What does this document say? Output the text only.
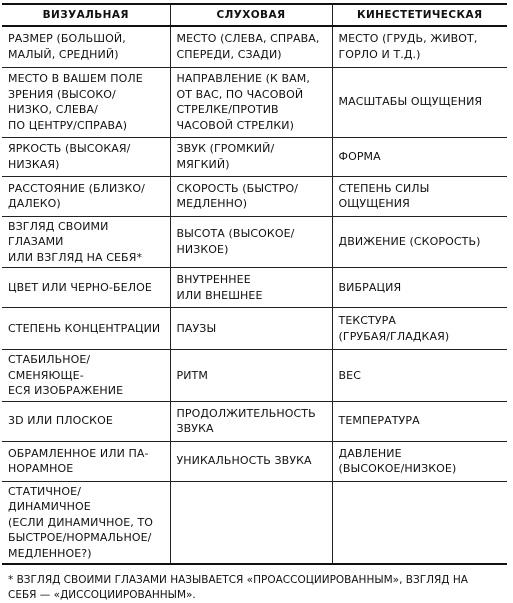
ВИЗУАЛЬНАЯ	СЛУХОВАЯ	КИНЕСТЕТИЧЕСКАЯ

РАЗМЕР (БОЛЬШОЙ,
МАЛЫЙ, СРЕДНИЙ)	МЕСТО (СЛЕВА, СПРАВА,
СПЕРЕДИ, СЗАДИ)	МЕСТО (ГРУДЬ, ЖИВОТ,
ГОРЛО И Т.Д.)

МЕСТО В ВАШЕМ ПОЛЕ
ЗРЕНИЯ (ВЫСОКО/
НИЗКО, СЛЕВА/
ПО ЦЕНТРУ/СПРАВА)	НАПРАВЛЕНИЕ (К ВАМ,
ОТ ВАС, ПО ЧАСОВОЙ
СТРЕЛКЕ/ПРОТИВ
ЧАСОВОЙ СТРЕЛКИ)	МАСШТАБЫ ОЩУЩЕНИЯ

ЯРКОСТЬ (ВЫСОКАЯ/
НИЗКАЯ)	ЗВУК (ГРОМКИЙ/МЯГКИЙ)	ФОРМА

РАССТОЯНИЕ (БЛИЗКО/
ДАЛЕКО)	СКОРОСТЬ (БЫСТРО/
МЕДЛЕННО)	СТЕПЕНЬ СИЛЫ
ОЩУЩЕНИЯ

ВЗГЛЯД СВОИМИ ГЛАЗАМИ
ИЛИ ВЗГЛЯД НА СЕБЯ*	ВЫСОТА (ВЫСОКОЕ/
НИЗКОЕ)	ДВИЖЕНИЕ (СКОРОСТЬ)

ЦВЕТ ИЛИ ЧЕРНО-БЕЛОЕ	ВНУТРЕННЕЕ
ИЛИ ВНЕШНЕЕ	ВИБРАЦИЯ

СТЕПЕНЬ КОНЦЕНТРАЦИИ	ПАУЗЫ	ТЕКСТУРА
(ГРУБАЯ/ГЛАДКАЯ)

СТАБИЛЬНОЕ/СМЕНЯЮЩЕ-
ЕСЯ ИЗОБРАЖЕНИЕ	РИТМ	ВЕС

3D ИЛИ ПЛОСКОЕ	ПРОДОЛЖИТЕЛЬНОСТЬ
ЗВУКА	ТЕМПЕРАТУРА

ОБРАМЛЕННОЕ ИЛИ ПА-
НОРАМНОЕ	УНИКАЛЬНОСТЬ ЗВУКА	ДАВЛЕНИЕ
(ВЫСОКОЕ/НИЗКОЕ)

СТАТИЧНОЕ/ДИНАМИЧНОЕ
(ЕСЛИ ДИНАМИЧНОЕ, ТО
БЫСТРОЕ/НОРМАЛЬНОЕ/
МЕДЛЕННОЕ?)		

* ВЗГЛЯД СВОИМИ ГЛАЗАМИ НАЗЫВАЕТСЯ «ПРОАССОЦИИРОВАННЫМ», ВЗГЛЯД НА
СЕБЯ — «ДИССОЦИИРОВАННЫМ».
